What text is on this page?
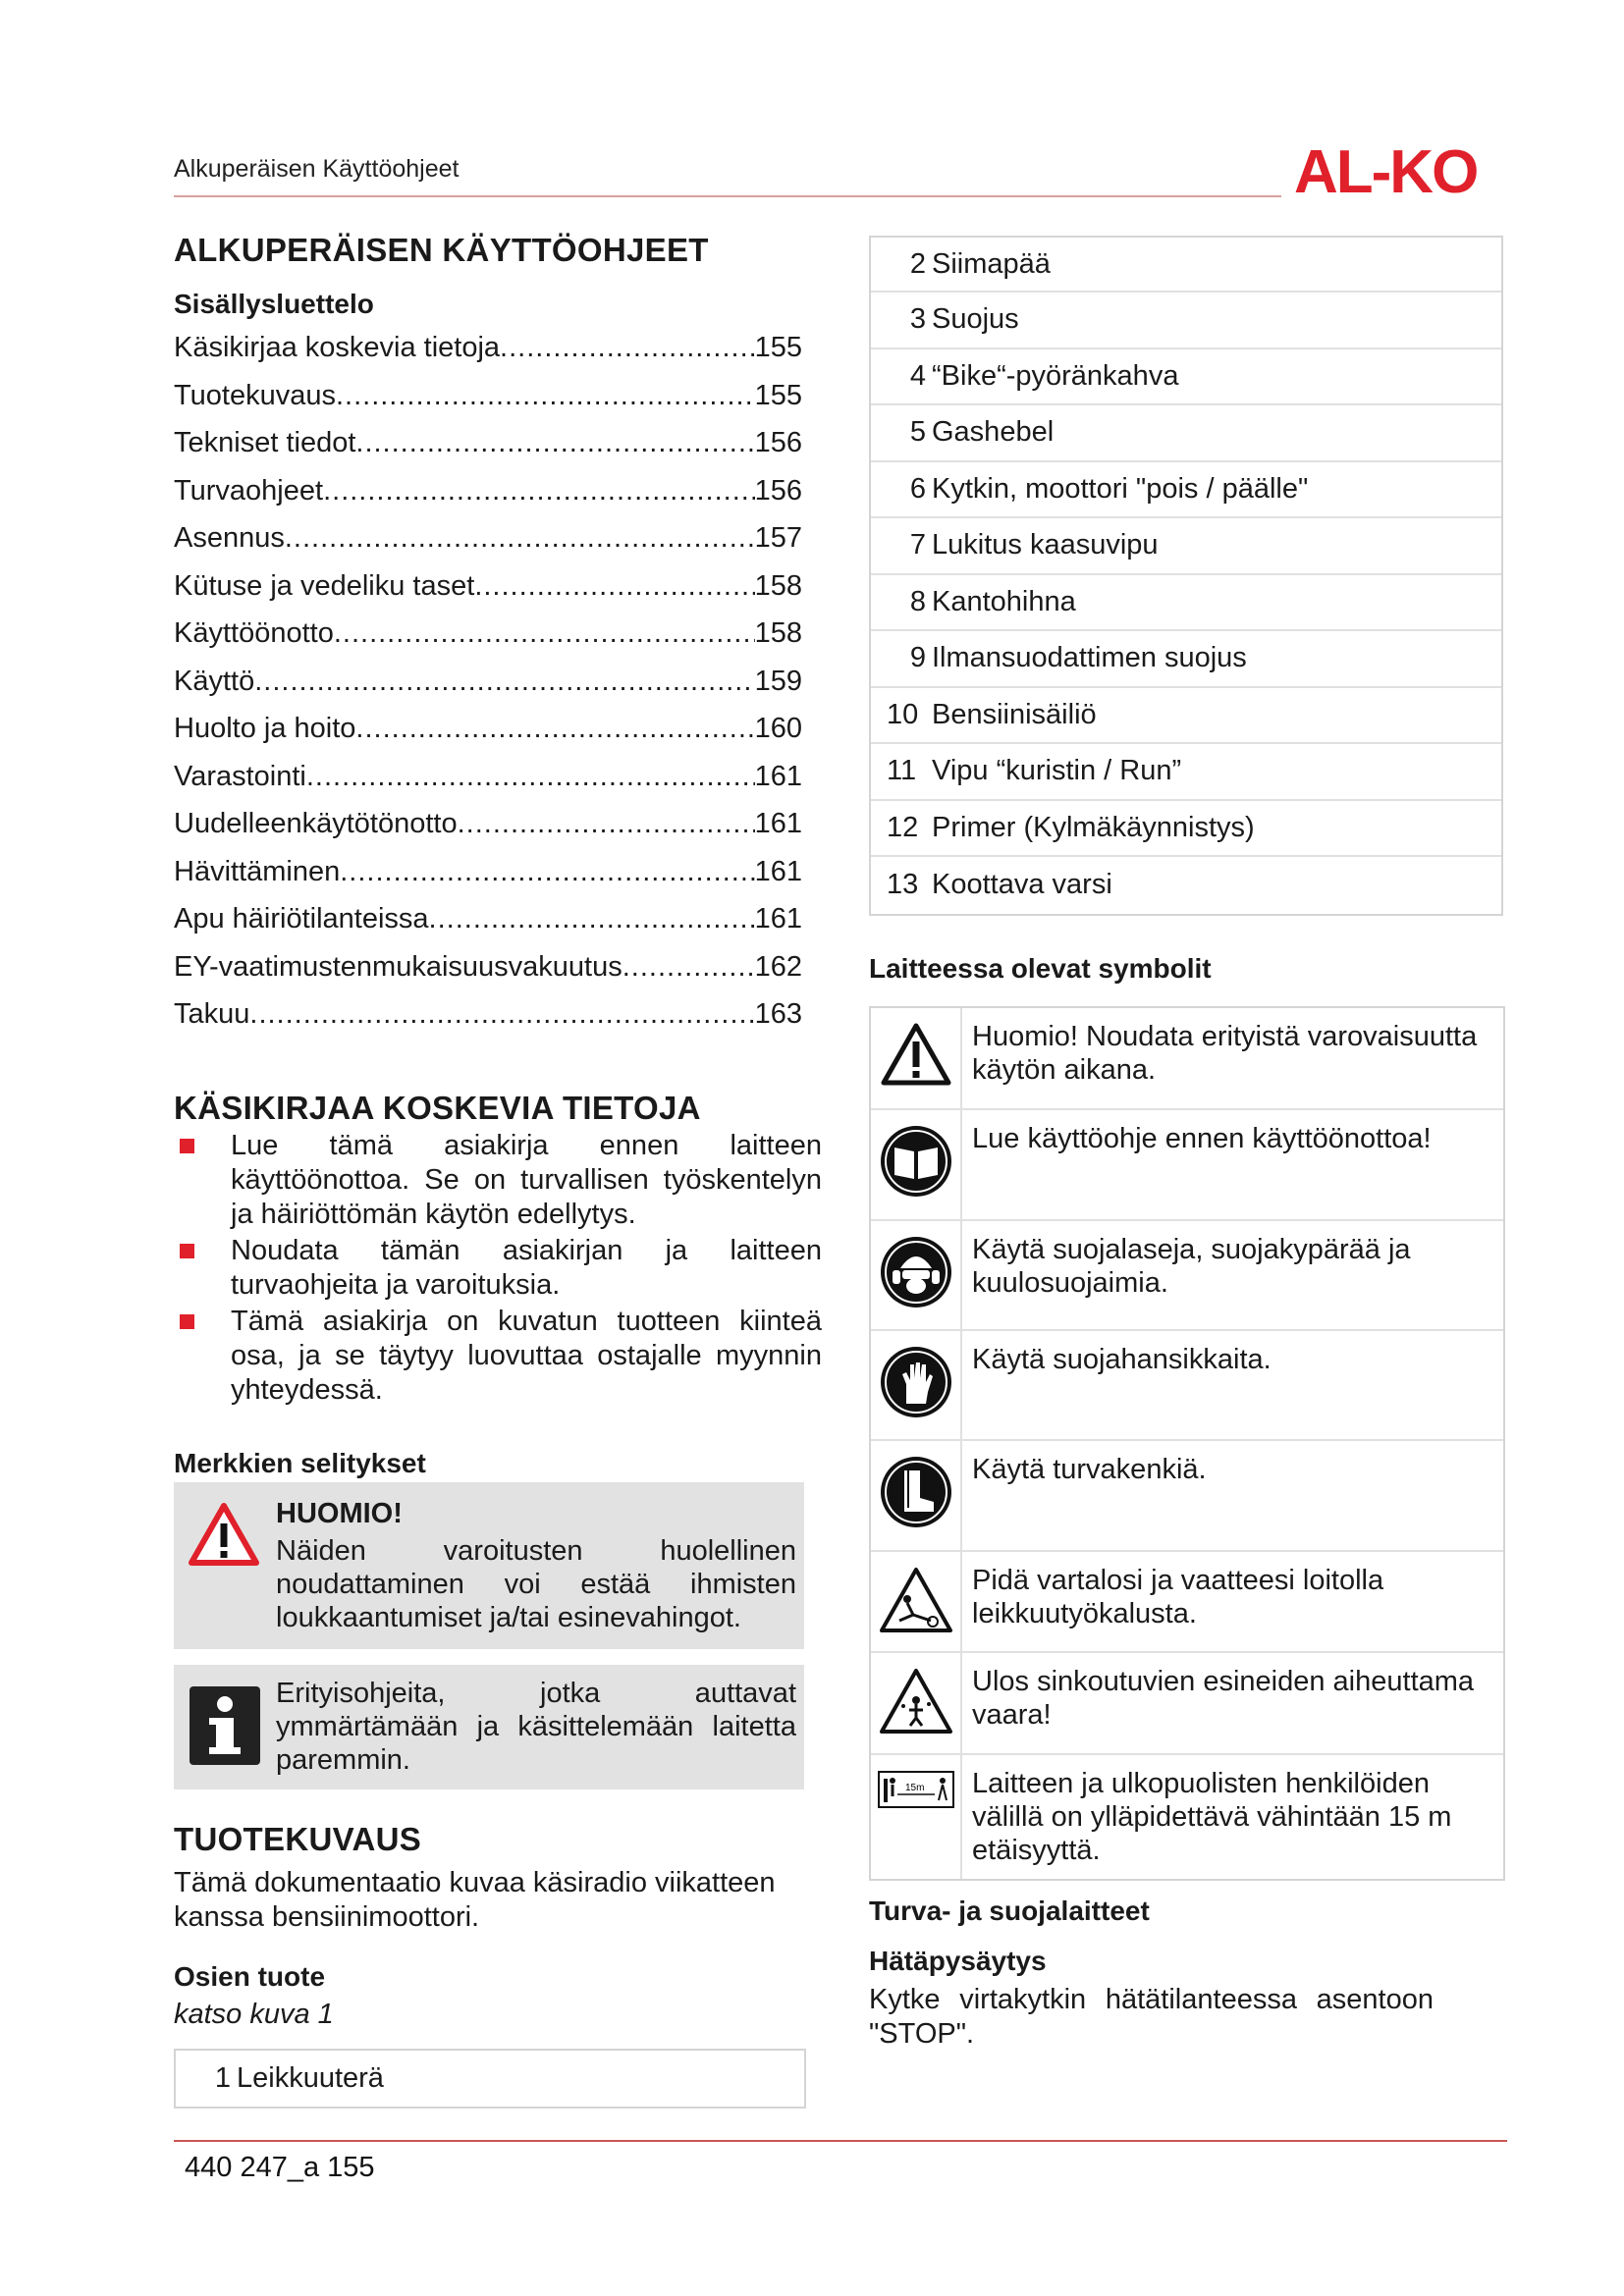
Alkuperäisen Käyttöohjeet	AL-KO
ALKUPERÄISEN KÄYTTÖOHJEET
Sisällysluettelo
Käsikirjaa koskevia tietoja .....	155
Tuotekuvaus .....	155
Tekniset tiedot .....	156
Turvaohjeet .....	156
Asennus .....	157
Kütuse ja vedeliku taset .....	158
Käyttöönotto .....	158
Käyttö .....	159
Huolto ja hoito .....	160
Varastointi .....	161
Uudelleenkäytötönotto .....	161
Hävittäminen .....	161
Apu häiriötilanteissa .....	161
EY-vaatimustenmukaisuusvakuutus .....	162
Takuu .....	163
KÄSIKIRJAA KOSKEVIA TIETOJA
Lue tämä asiakirja ennen laitteen käyttöönottoa. Se on turvallisen työskentelyn ja häiriöttömän käytön edellytys.
Noudata tämän asiakirjan ja laitteen turvaohjeita ja varoituksia.
Tämä asiakirja on kuvatun tuotteen kiinteä osa, ja se täytyy luovuttaa ostajalle myynnin yhteydessä.
Merkkien selitykset
HUOMIO!
Näiden varoitusten huolellinen noudattaminen voi estää ihmisten loukkaantumiset ja/tai esinevahingot.
Erityisohjeita, jotka auttavat ymmärtämään ja käsittelemään laitetta paremmin.
TUOTEKUVAUS
Tämä dokumentaatio kuvaa käsiradio viikatteen kanssa bensiinimoottori.
Osien tuote
katso kuva 1
1 Leikkuuterä
2 Siimapää
3 Suojus
4 “Bike“-pyöränkahva
5 Gashebel
6 Kytkin, moottori "pois / päälle"
7 Lukitus kaasuvipu
8 Kantohihna
9 Ilmansuodattimen suojus
10 Bensiinisäiliö
11 Vipu “kuristin / Run”
12 Primer (Kylmäkäynnistys)
13 Koottava varsi
Laitteessa olevat symbolit
Huomio! Noudata erityistä varovaisuutta käytön aikana.
Lue käyttöohje ennen käyttöönottoa!
Käytä suojalaseja, suojakypärää ja kuulosuojaimia.
Käytä suojahansikkaita.
Käytä turvakenkiä.
Pidä vartalosi ja vaatteesi loitolla leikkuutyökalusta.
Ulos sinkoutuvien esineiden aiheuttama vaara!
15m	Laitteen ja ulkopuolisten henkilöiden välillä on ylläpidettävä vähintään 15 m etäisyyttä.
Turva- ja suojalaitteet
Hätäpysäytys
Kytke virtakytkin hätätilanteessa asentoon "STOP".
440 247_a 155
